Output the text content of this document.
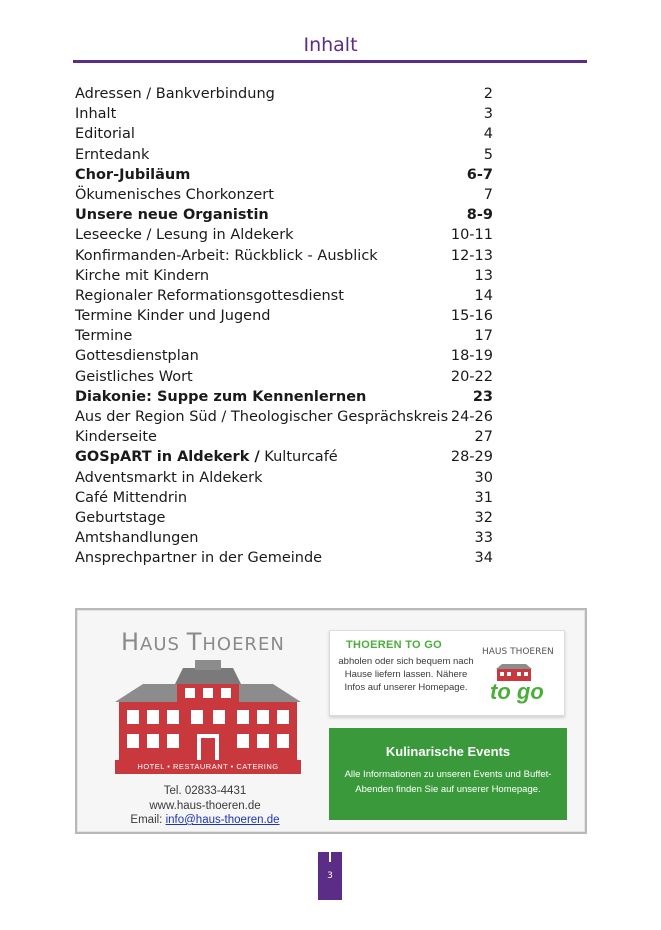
Inhalt
Adressen / Bankverbindung	2
Inhalt	3
Editorial	4
Erntedank	5
Chor-Jubiläum	6-7
Ökumenisches Chorkonzert	7
Unsere neue Organistin	8-9
Leseecke / Lesung in Aldekerk	10-11
Konfirmanden-Arbeit: Rückblick - Ausblick	12-13
Kirche mit Kindern	13
Regionaler Reformationsgottesdienst	14
Termine Kinder und Jugend	15-16
Termine	17
Gottesdienstplan	18-19
Geistliches Wort	20-22
Diakonie: Suppe zum Kennenlernen	23
Aus der Region Süd / Theologischer Gesprächskreis 24-26
Kinderseite	27
GOSpART in Aldekerk / Kulturcafé	28-29
Adventsmarkt in Aldekerk	30
Café Mittendrin	31
Geburtstage	32
Amtshandlungen	33
Ansprechpartner in der Gemeinde	34
HAUS THOEREN
HOTEL • RESTAURANT • CATERING
Tel. 02833-4431
www.haus-thoeren.de
Email: info@haus-thoeren.de
THOEREN TO GO
abholen oder sich bequem nach Hause liefern lassen. Nähere Infos auf unserer Homepage.
HAUS THOEREN
to go
Kulinarische Events
Alle Informationen zu unseren Events und Buffet-Abenden finden Sie auf unserer Homepage.
3
